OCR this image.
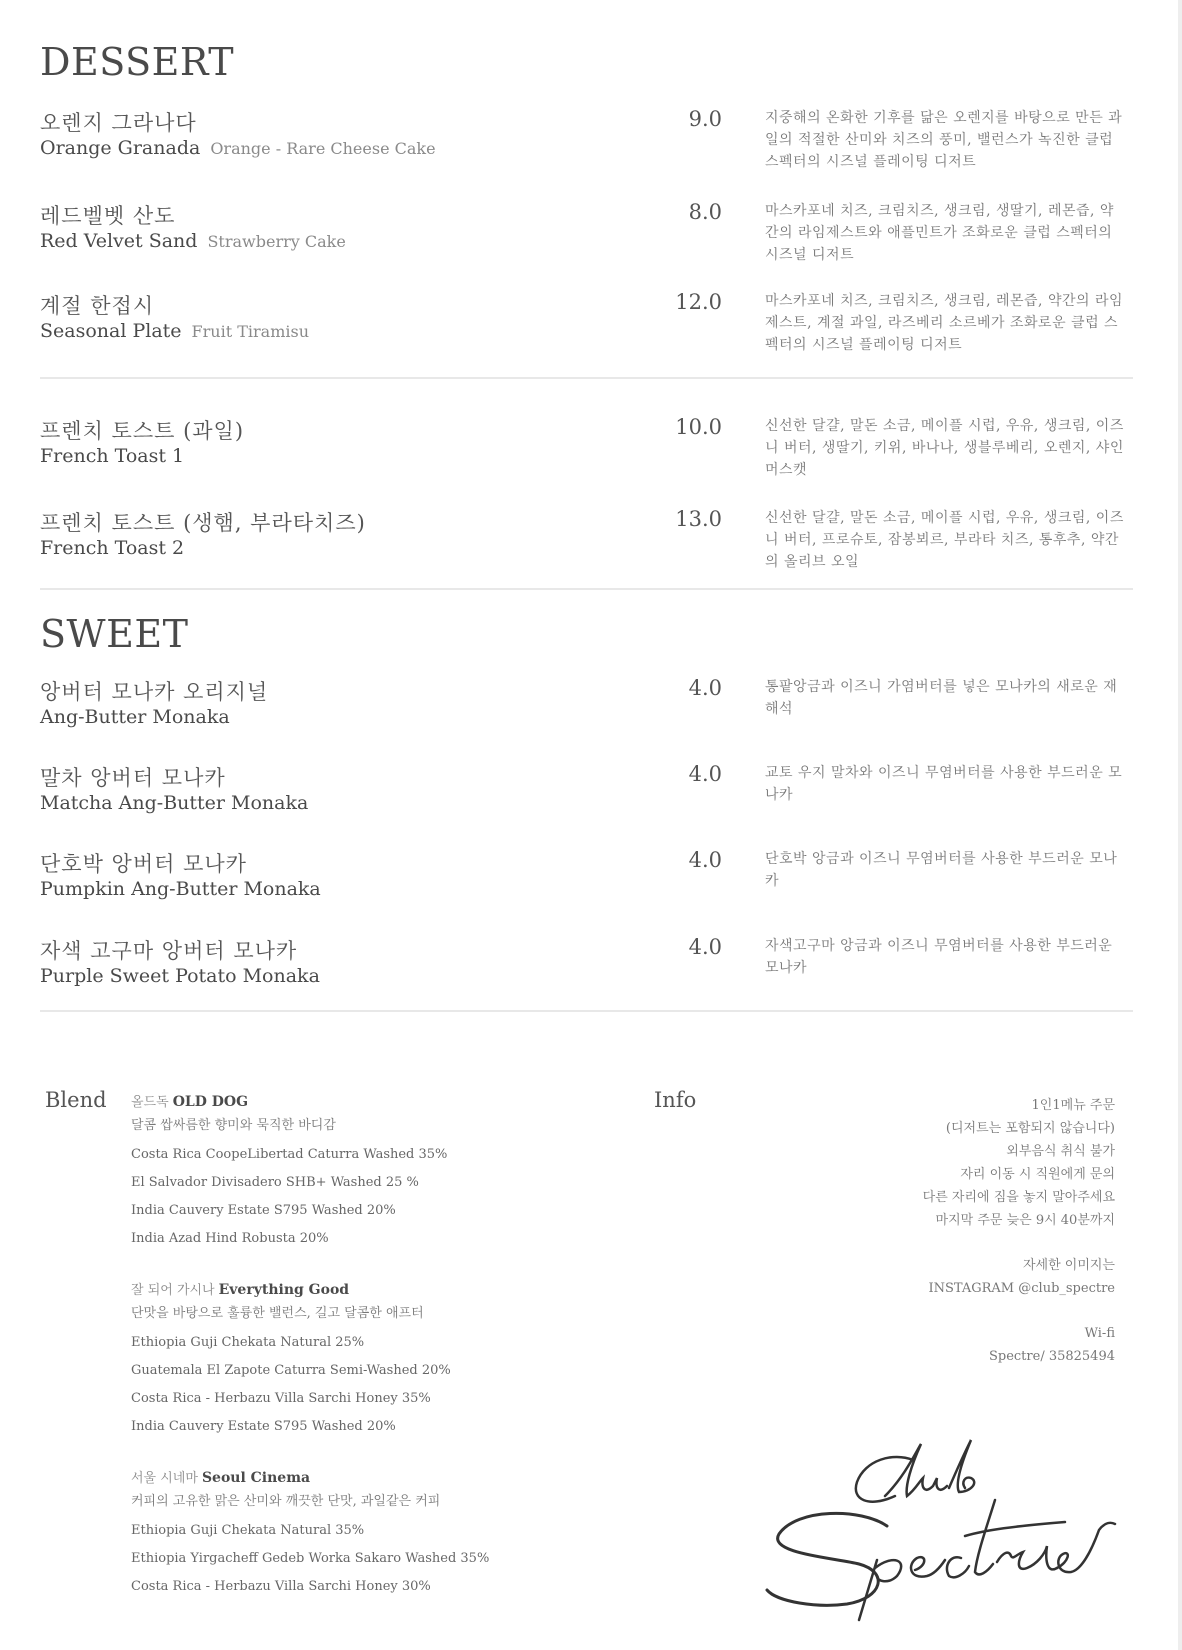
DESSERT
오렌지 그라나다
Orange Granada Orange - Rare Cheese Cake
9.0	지중해의 온화한 기후를 닮은 오렌지를 바탕으로 만든 과일의 적절한 산미와 치즈의 풍미, 밸런스가 녹진한 클럽 스펙터의 시즈널 플레이팅 디저트
레드벨벳 산도
Red Velvet Sand Strawberry Cake
8.0	마스카포네 치즈, 크림치즈, 생크림, 생딸기, 레몬즙, 약간의 라임제스트와 애플민트가 조화로운 클럽 스펙터의 시즈널 디저트
계절 한접시
Seasonal Plate Fruit Tiramisu
12.0	마스카포네 치즈, 크림치즈, 생크림, 레몬즙, 약간의 라임제스트, 계절 과일, 라즈베리 소르베가 조화로운 클럽 스펙터의 시즈널 플레이팅 디저트
프렌치 토스트 (과일)
French Toast 1
10.0	신선한 달걀, 말돈 소금, 메이플 시럽, 우유, 생크림, 이즈니 버터, 생딸기, 키위, 바나나, 생블루베리, 오렌지, 샤인 머스캣
프렌치 토스트 (생햄, 부라타치즈)
French Toast 2
13.0	신선한 달걀, 말돈 소금, 메이플 시럽, 우유, 생크림, 이즈니 버터, 프로슈토, 잠봉뵈르, 부라타 치즈, 통후추, 약간의 올리브 오일
SWEET
앙버터 모나카 오리지널
Ang-Butter Monaka
4.0	통팥앙금과 이즈니 가염버터를 넣은 모나카의 새로운 재해석
말차 앙버터 모나카
Matcha Ang-Butter Monaka
4.0	교토 우지 말차와 이즈니 무염버터를 사용한 부드러운 모나카
단호박 앙버터 모나카
Pumpkin Ang-Butter Monaka
4.0	단호박 앙금과 이즈니 무염버터를 사용한 부드러운 모나카
자색 고구마 앙버터 모나카
Purple Sweet Potato Monaka
4.0	자색고구마 앙금과 이즈니 무염버터를 사용한 부드러운 모나카
Blend	Info
올드독 OLD DOG
달콤 쌉싸름한 향미와 묵직한 바디감
Costa Rica CoopeLibertad Caturra Washed 35%
El Salvador Divisadero SHB+ Washed 25 %
India Cauvery Estate S795 Washed 20%
India Azad Hind Robusta 20%
잘 되어 가시나 Everything Good
단맛을 바탕으로 훌륭한 밸런스, 길고 달콤한 애프터
Ethiopia Guji Chekata Natural 25%
Guatemala El Zapote Caturra Semi-Washed 20%
Costa Rica - Herbazu Villa Sarchi Honey 35%
India Cauvery Estate S795 Washed 20%
서울 시네마 Seoul Cinema
커피의 고유한 맑은 산미와 깨끗한 단맛, 과일같은 커피
Ethiopia Guji Chekata Natural 35%
Ethiopia Yirgacheff Gedeb Worka Sakaro Washed 35%
Costa Rica - Herbazu Villa Sarchi Honey 30%
1인1메뉴 주문
(디저트는 포함되지 않습니다)
외부음식 취식 불가
자리 이동 시 직원에게 문의
다른 자리에 짐을 놓지 말아주세요
마지막 주문 늦은 9시 40분까지
자세한 이미지는
INSTAGRAM @club_spectre
Wi-fi
Spectre/ 35825494
